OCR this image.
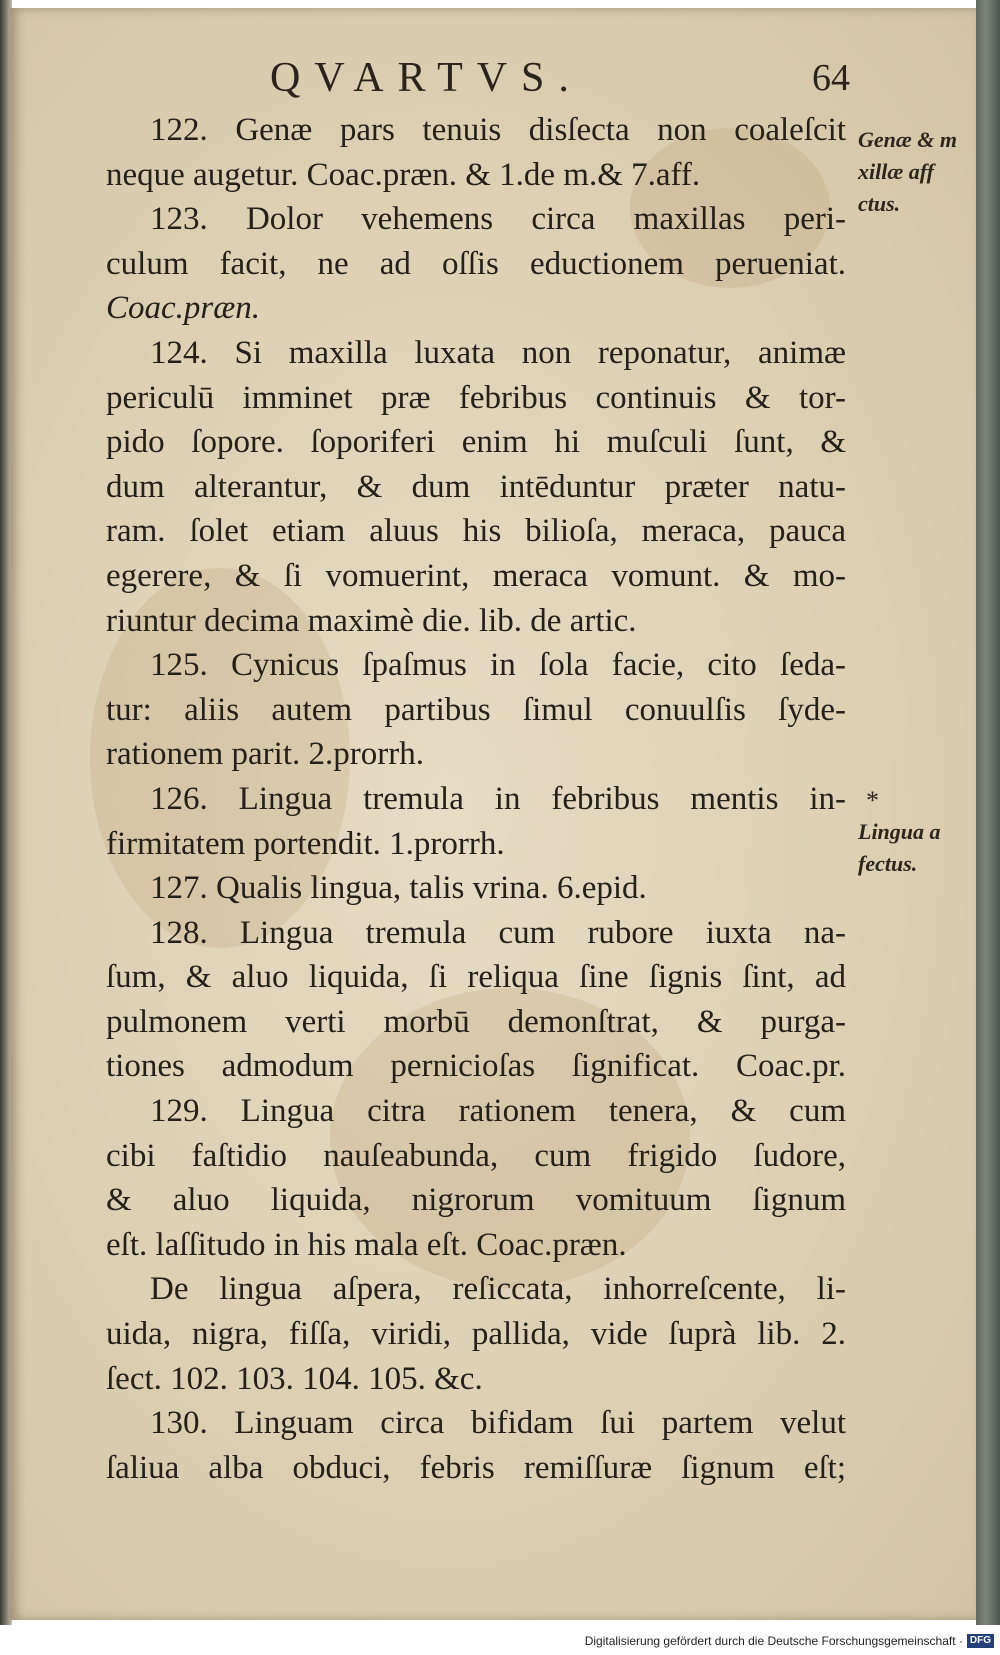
QVARTVS.	64
122. Genæ pars tenuis disſecta non coaleſcit
neque augetur. Coac.præn. & 1.de m.& 7.aff.
123. Dolor vehemens circa maxillas peri-
culum facit, ne ad oſſis eductionem perueniat.
Coac.præn.
124. Si maxilla luxata non reponatur, animæ
periculū imminet præ febribus continuis & tor-
pido ſopore. ſoporiferi enim hi muſculi ſunt, &
dum alterantur, & dum intēduntur præter natu-
ram. ſolet etiam aluus his bilioſa, meraca, pauca
egerere, & ſi vomuerint, meraca vomunt. & mo-
riuntur decima maximè die. lib. de artic.
125. Cynicus ſpaſmus in ſola facie, cito ſeda-
tur: aliis autem partibus ſimul conuulſis ſyde-
rationem parit. 2.prorrh.
126. Lingua tremula in febribus mentis in-
firmitatem portendit. 1.prorrh.
127. Qualis lingua, talis vrina. 6.epid.
128. Lingua tremula cum rubore iuxta na-
ſum, & aluo liquida, ſi reliqua ſine ſignis ſint, ad
pulmonem verti morbū demonſtrat, & purga-
tiones admodum pernicioſas ſignificat. Coac.pr.
129. Lingua citra rationem tenera, & cum
cibi faſtidio nauſeabunda, cum frigido ſudore,
& aluo liquida, nigrorum vomituum ſignum
eſt. laſſitudo in his mala eſt. Coac.præn.
De lingua aſpera, reſiccata, inhorreſcente, li-
uida, nigra, fiſſa, viridi, pallida, vide ſuprà lib. 2.
ſect. 102. 103. 104. 105. &c.
130. Linguam circa bifidam ſui partem velut
ſaliua alba obduci, febris remiſſuræ ſignum eſt;
Genæ & m
xillæ aff
ctus.
*
Lingua a
fectus.
Digitalisierung gefördert durch die Deutsche Forschungsgemeinschaft · DFG
